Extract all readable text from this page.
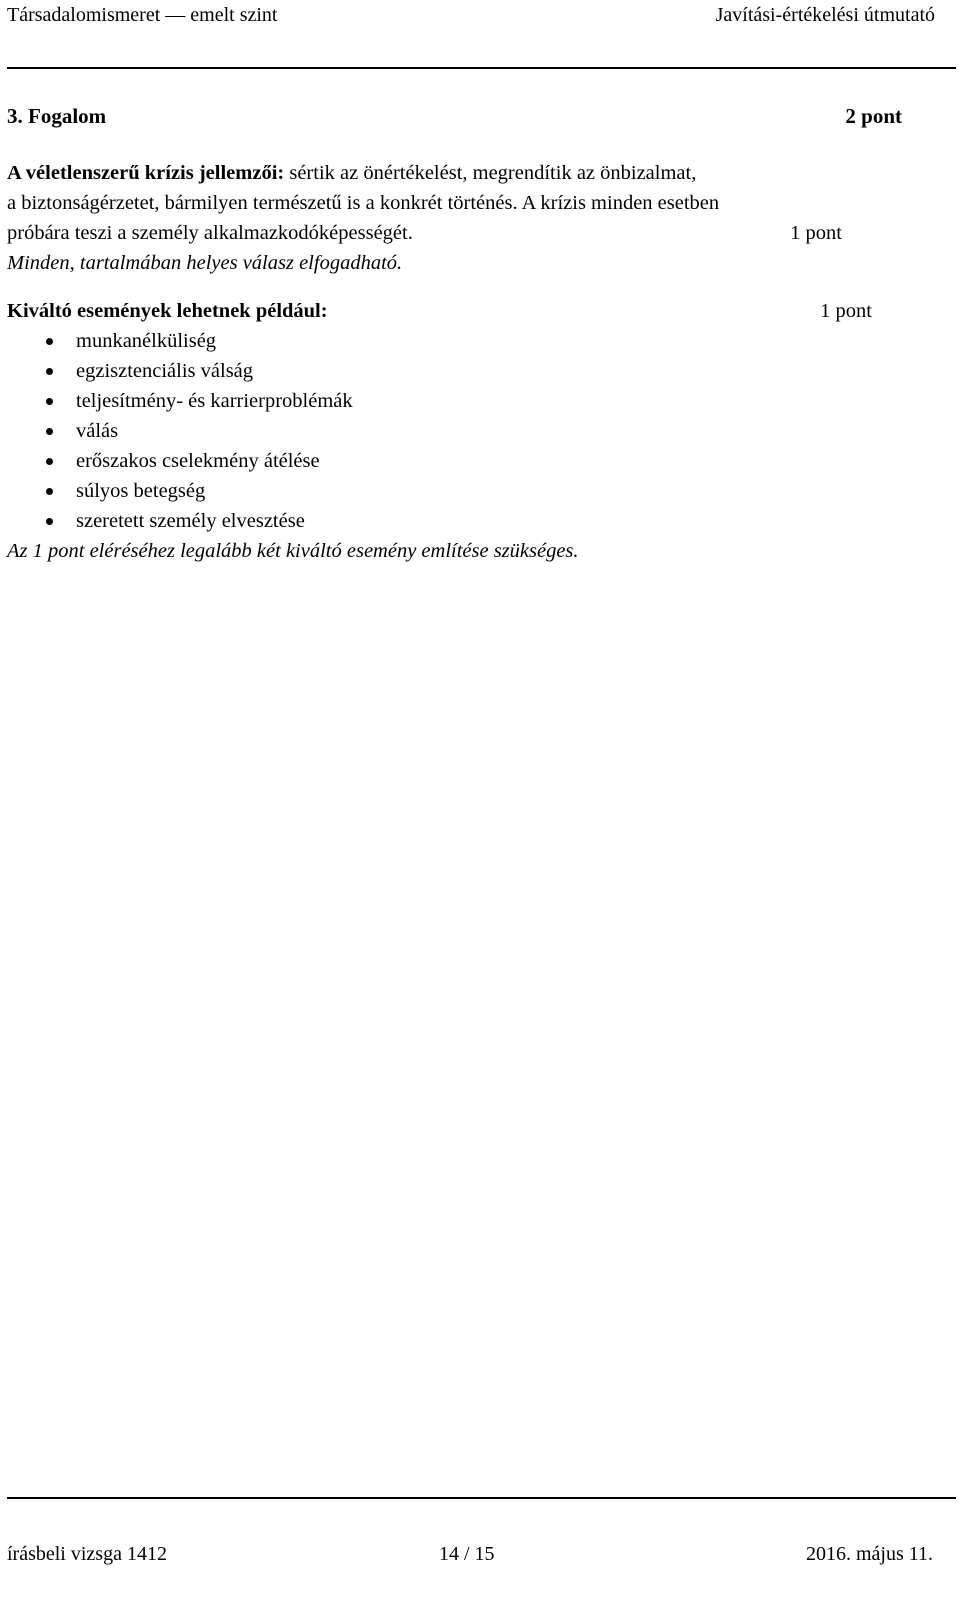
Társadalomismeret — emelt szint	Javítási-értékelési útmutató
3. Fogalom	2 pont
A véletlenszerű krízis jellemzői: sértik az önértékelést, megrendítik az önbizalmat,
a biztonságérzetet, bármilyen természetű is a konkrét történés. A krízis minden esetben
próbára teszi a személy alkalmazkodóképességét.	1 pont
Minden, tartalmában helyes válasz elfogadható.
Kiváltó események lehetnek például:	1 pont
munkanélküliség
egzisztenciális válság
teljesítmény- és karrierproblémák
válás
erőszakos cselekmény átélése
súlyos betegség
szeretett személy elvesztése
Az 1 pont eléréséhez legalább két kiváltó esemény említése szükséges.
írásbeli vizsga 1412	14 / 15	2016. május 11.
